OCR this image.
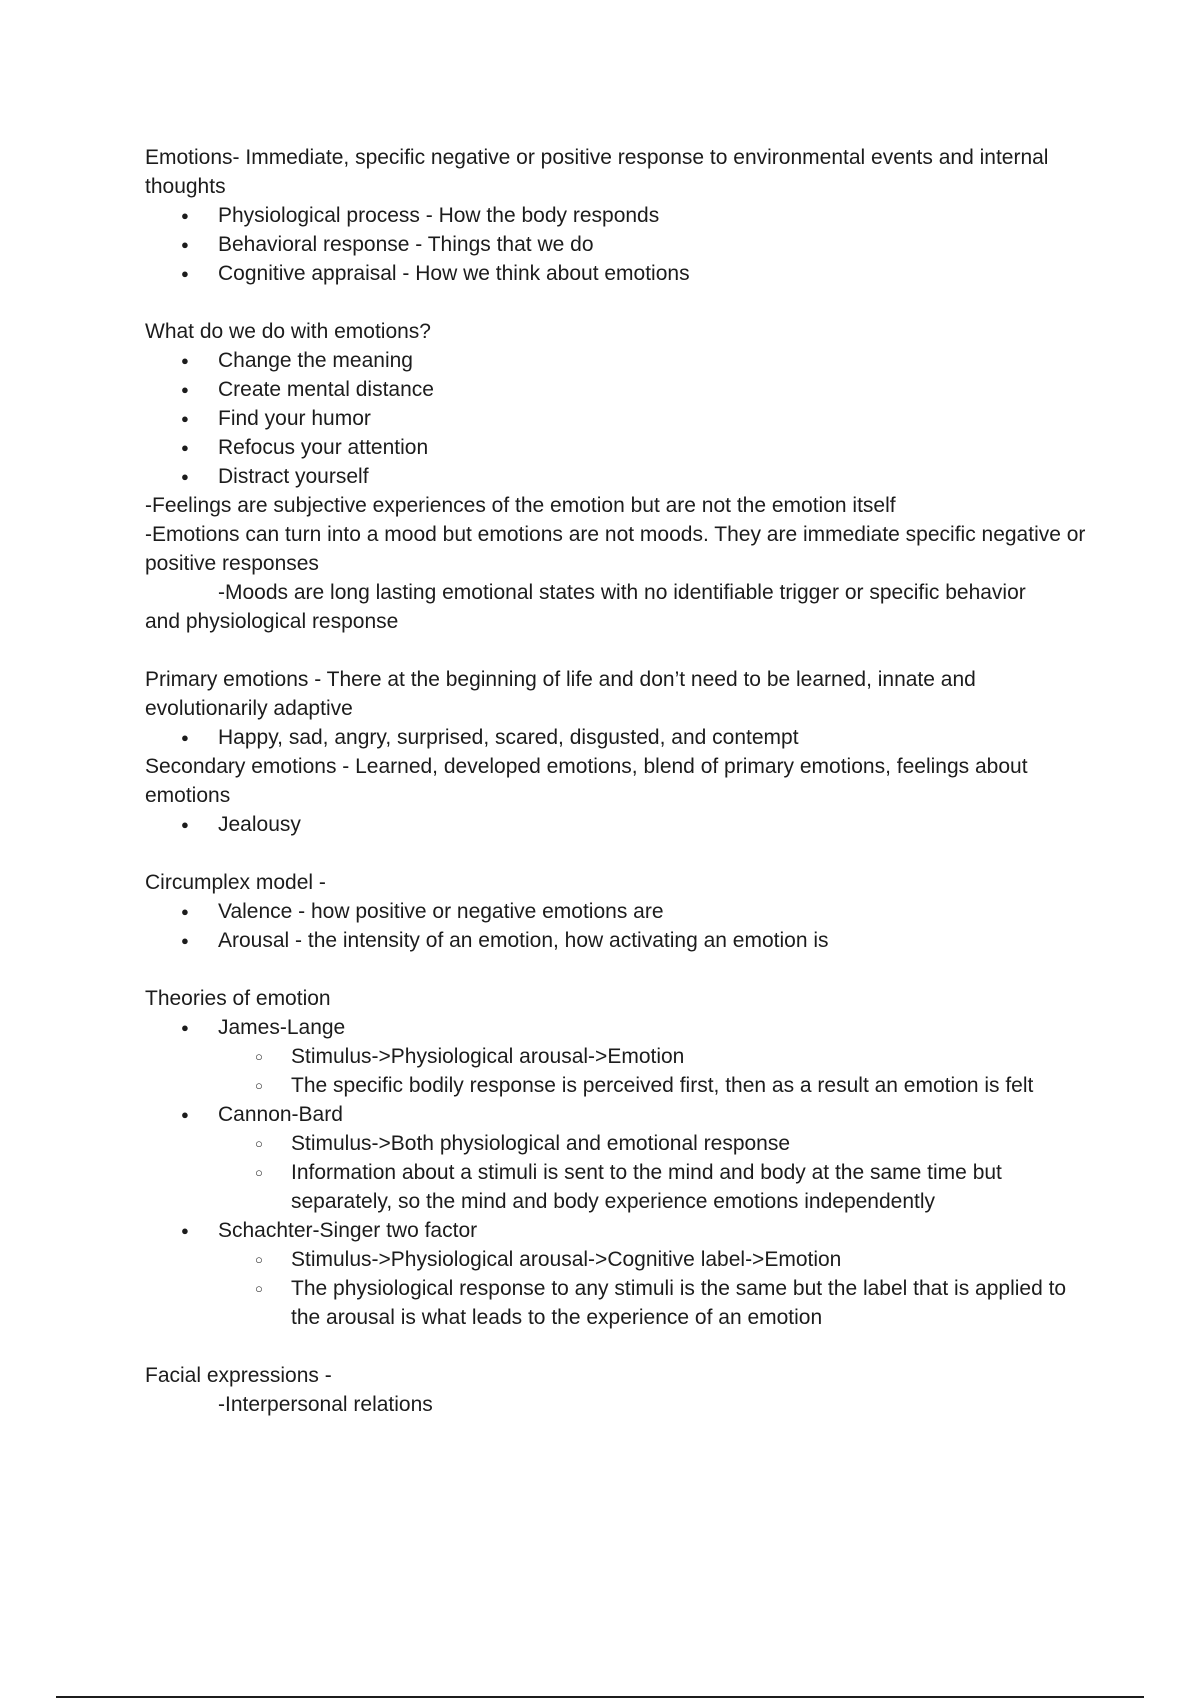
Emotions- Immediate, specific negative or positive response to environmental events and internal thoughts

● Physiological process - How the body responds
● Behavioral response - Things that we do
● Cognitive appraisal - How we think about emotions

What do we do with emotions?

● Change the meaning
● Create mental distance
● Find your humor
● Refocus your attention
● Distract yourself

-Feelings are subjective experiences of the emotion but are not the emotion itself

-Emotions can turn into a mood but emotions are not moods. They are immediate specific negative or positive responses

-Moods are long lasting emotional states with no identifiable trigger or specific behavior

and physiological response

Primary emotions - There at the beginning of life and don’t need to be learned, innate and evolutionarily adaptive

● Happy, sad, angry, surprised, scared, disgusted, and contempt

Secondary emotions - Learned, developed emotions, blend of primary emotions, feelings about emotions

● Jealousy

Circumplex model -

● Valence - how positive or negative emotions are
● Arousal - the intensity of an emotion, how activating an emotion is

Theories of emotion

● James-Lange
○ Stimulus->Physiological arousal->Emotion
○ The specific bodily response is perceived first, then as a result an emotion is felt
● Cannon-Bard
○ Stimulus->Both physiological and emotional response
○ Information about a stimuli is sent to the mind and body at the same time but separately, so the mind and body experience emotions independently
● Schachter-Singer two factor
○ Stimulus->Physiological arousal->Cognitive label->Emotion
○ The physiological response to any stimuli is the same but the label that is applied to the arousal is what leads to the experience of an emotion

Facial expressions -

-Interpersonal relations
